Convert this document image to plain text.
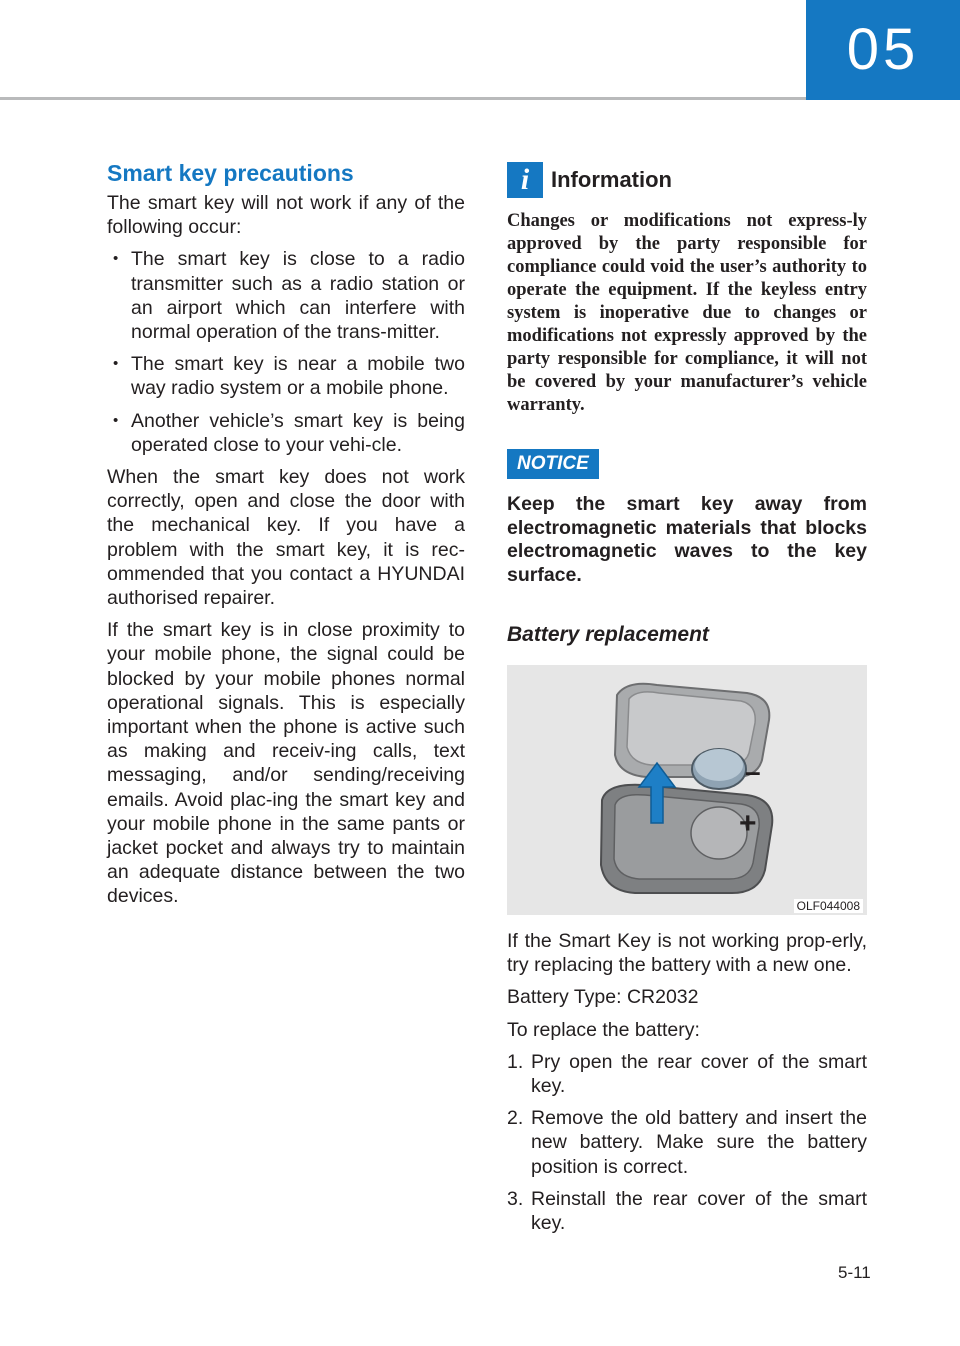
05
Smart key precautions

The smart key will not work if any of the following occur:

• The smart key is close to a radio transmitter such as a radio station or an airport which can interfere with normal operation of the trans-mitter.
• The smart key is near a mobile two way radio system or a mobile phone.
• Another vehicle’s smart key is being operated close to your vehi-cle.

When the smart key does not work correctly, open and close the door with the mechanical key. If you have a problem with the smart key, it is rec-ommended that you contact a HYUNDAI authorised repairer.

If the smart key is in close proximity to your mobile phone, the signal could be blocked by your mobile phones normal operational signals. This is especially important when the phone is active such as making and receiv-ing calls, text messaging, and/or sending/receiving emails. Avoid plac-ing the smart key and your mobile phone in the same pants or jacket pocket and always try to maintain an adequate distance between the two devices.

i Information

Changes or modifications not express-ly approved by the party responsible for compliance could void the user’s authority to operate the equipment. If the keyless entry system is inoperative due to changes or modifications not expressly approved by the party responsible for compliance, it will not be covered by your manufacturer’s vehicle warranty.

NOTICE

Keep the smart key away from electromagnetic materials that blocks electromagnetic waves to the key surface.

Battery replacement
–
+
OLF044008

If the Smart Key is not working prop-erly, try replacing the battery with a new one.

Battery Type: CR2032

To replace the battery:

1. Pry open the rear cover of the smart key.
2. Remove the old battery and insert the new battery. Make sure the battery position is correct.
3. Reinstall the rear cover of the smart key.
5-11
